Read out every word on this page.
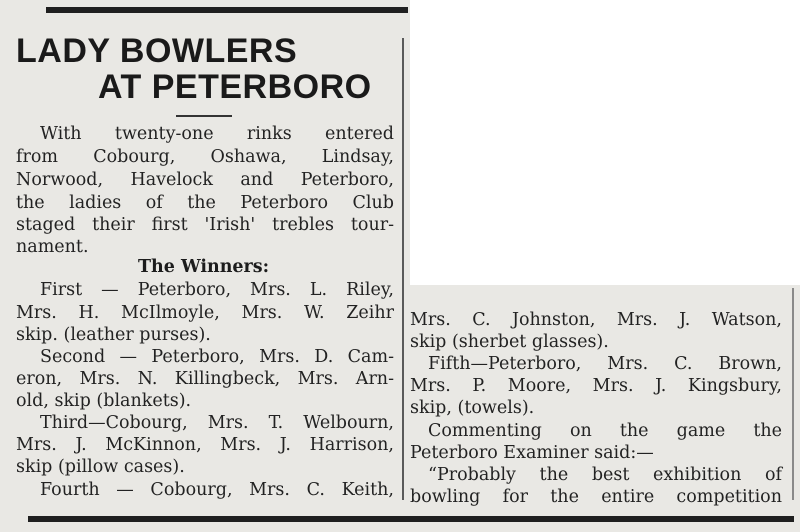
LADY BOWLERS
AT PETERBORO
With twenty-one rinks entered
from Cobourg, Oshawa, Lindsay,
Norwood, Havelock and Peterboro,
the ladies of the Peterboro Club
staged their first 'Irish' trebles tour-
nament.
The Winners:
First — Peterboro, Mrs. L. Riley,
Mrs. H. McIlmoyle, Mrs. W. Zeihr
skip. (leather purses).
Second — Peterboro, Mrs. D. Cam-
eron, Mrs. N. Killingbeck, Mrs. Arn-
old, skip (blankets).
Third—Cobourg, Mrs. T. Welbourn,
Mrs. J. McKinnon, Mrs. J. Harrison,
skip (pillow cases).
Fourth — Cobourg, Mrs. C. Keith,
Mrs. C. Johnston, Mrs. J. Watson,
skip (sherbet glasses).
Fifth—Peterboro, Mrs. C. Brown,
Mrs. P. Moore, Mrs. J. Kingsbury,
skip, (towels).
Commenting on the game the
Peterboro Examiner said:—
“Probably the best exhibition of
bowling for the entire competition
